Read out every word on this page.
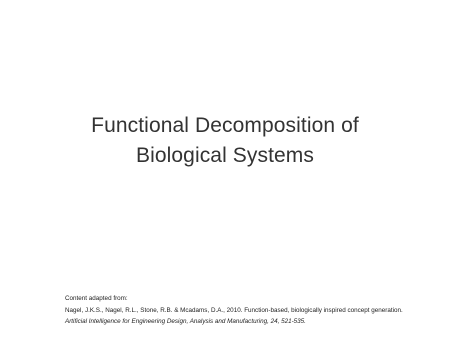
Functional Decomposition of
Biological Systems
Content adapted from:
Nagel, J.K.S., Nagel, R.L., Stone, R.B. & Mcadams, D.A., 2010. Function-based, biologically inspired concept generation.
Artificial Intelligence for Engineering Design, Analysis and Manufacturing, 24, 521-535.
